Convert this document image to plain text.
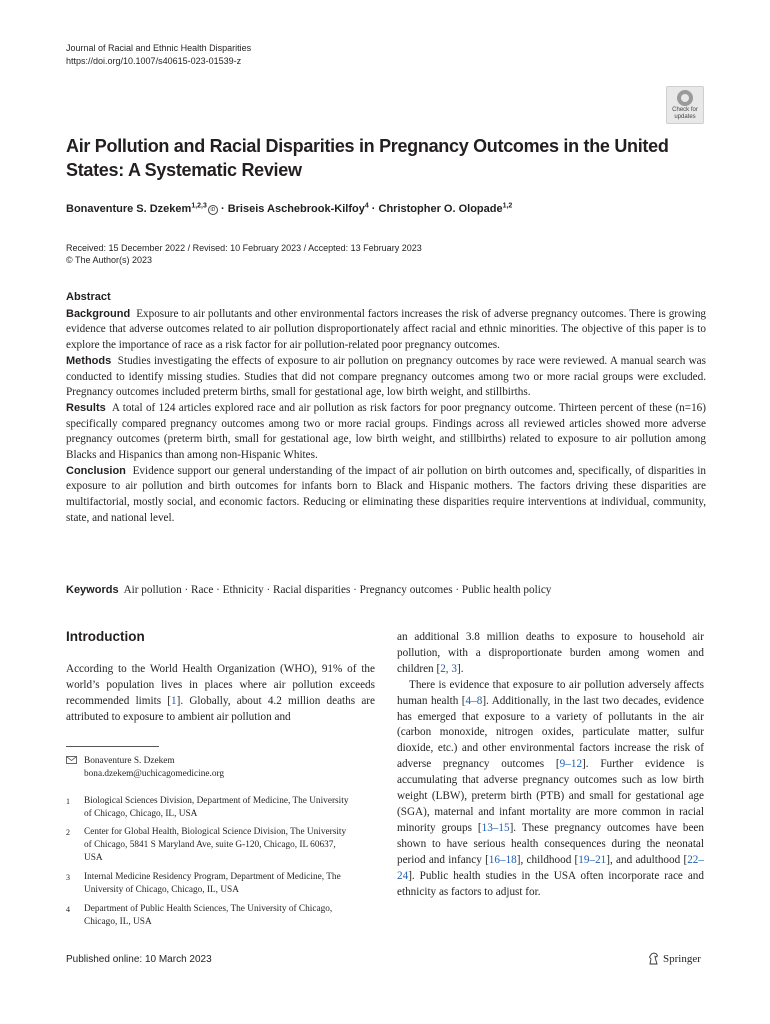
Journal of Racial and Ethnic Health Disparities
https://doi.org/10.1007/s40615-023-01539-z
Check for
updates
Air Pollution and Racial Disparities in Pregnancy Outcomes in the United States: A Systematic Review
Bonaventure S. Dzekem$^{1,2,3}$iD · Briseis Aschebrook‑Kilfoy$^4$ · Christopher O. Olopade$^{1,2}$
Received: 15 December 2022 / Revised: 10 February 2023 / Accepted: 13 February 2023
© The Author(s) 2023
Abstract

Background Exposure to air pollutants and other environmental factors increases the risk of adverse pregnancy outcomes. There is growing evidence that adverse outcomes related to air pollution disproportionately affect racial and ethnic minorities. The objective of this paper is to explore the importance of race as a risk factor for air pollution-related poor pregnancy outcomes.

Methods Studies investigating the effects of exposure to air pollution on pregnancy outcomes by race were reviewed. A manual search was conducted to identify missing studies. Studies that did not compare pregnancy outcomes among two or more racial groups were excluded. Pregnancy outcomes included preterm births, small for gestational age, low birth weight, and stillbirths.

Results A total of 124 articles explored race and air pollution as risk factors for poor pregnancy outcome. Thirteen percent of these (n=16) specifically compared pregnancy outcomes among two or more racial groups. Findings across all reviewed articles showed more adverse pregnancy outcomes (preterm birth, small for gestational age, low birth weight, and stillbirths) related to exposure to air pollution among Blacks and Hispanics than among non-Hispanic Whites.

Conclusion Evidence support our general understanding of the impact of air pollution on birth outcomes and, specifically, of disparities in exposure to air pollution and birth outcomes for infants born to Black and Hispanic mothers. The factors driving these disparities are multifactorial, mostly social, and economic factors. Reducing or eliminating these disparities require interventions at individual, community, state, and national level.

Keywords Air pollution · Race · Ethnicity · Racial disparities · Pregnancy outcomes · Public health policy
Introduction

According to the World Health Organization (WHO), 91% of the world’s population lives in places where air pollution exceeds recommended limits [1]. Globally, about 4.2 million deaths are attributed to exposure to ambient air pollution and

Bonaventure S. Dzekem
bona.dzekem@uchicagomedicine.org
1 Biological Sciences Division, Department of Medicine, The University of Chicago, Chicago, IL, USA
2 Center for Global Health, Biological Science Division, The University of Chicago, 5841 S Maryland Ave, suite G-120, Chicago, IL 60637, USA
3 Internal Medicine Residency Program, Department of Medicine, The University of Chicago, Chicago, IL, USA
4 Department of Public Health Sciences, The University of Chicago, Chicago, IL, USA

an additional 3.8 million deaths to exposure to household air pollution, with a disproportionate burden among women and children [2, 3].

There is evidence that exposure to air pollution adversely affects human health [4–8]. Additionally, in the last two decades, evidence has emerged that exposure to a variety of pollutants in the air (carbon monoxide, nitrogen oxides, particulate matter, sulfur dioxide, etc.) and other environmental factors increase the risk of adverse pregnancy outcomes [9–12]. Further evidence is accumulating that adverse pregnancy outcomes such as low birth weight (LBW), preterm birth (PTB) and small for gestational age (SGA), maternal and infant mortality are more common in racial minority groups [13–15]. These pregnancy outcomes have been shown to have serious health consequences during the neonatal period and infancy [16–18], childhood [19–21], and adulthood [22–24]. Public health studies in the USA often incorporate race and ethnicity as factors to adjust for.

Published online: 10 March 2023	Springer
